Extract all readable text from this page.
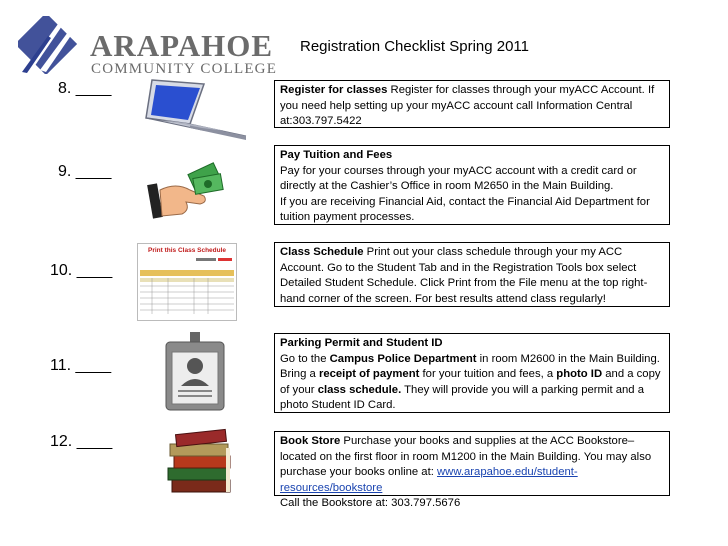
ARAPAHOE
COMMUNITY COLLEGE
Registration Checklist Spring 2011
8. ____
9. ____
10. ____
11. ____
12. ____
Print this Class Schedule
Register for classes Register for classes through your myACC Account. If you need help setting up your myACC account call Information Central at:303.797.5422
Pay Tuition and Fees
Pay for your courses through your myACC account with a credit card or directly at the Cashier’s Office in room M2650 in the Main Building.
If you are receiving Financial Aid, contact the Financial Aid Department for tuition payment processes.
Class Schedule Print out your class schedule through your my ACC Account. Go to the Student Tab and in the Registration Tools box select Detailed Student Schedule. Click Print from the File menu at the top right-hand corner of the screen. For best results attend class regularly!
Parking Permit and Student ID
Go to the Campus Police Department in room M2600 in the Main Building. Bring a receipt of payment for your tuition and fees, a photo ID and a copy of your class schedule. They will provide you will a parking permit and a photo Student ID Card.
Book Store Purchase your books and supplies at the ACC Bookstore– located on the first floor in room M1200 in the Main Building. You may also purchase your books online at: www.arapahoe.edu/student-resources/bookstore
Call the Bookstore at: 303.797.5676
